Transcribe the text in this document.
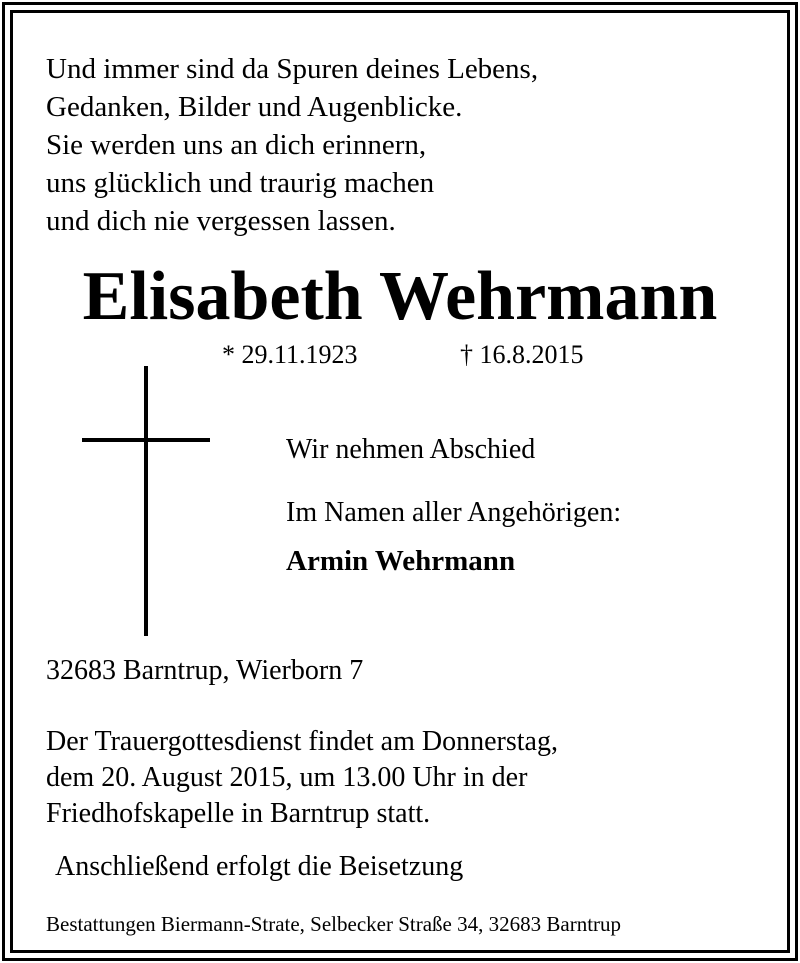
Und immer sind da Spuren deines Lebens,
Gedanken, Bilder und Augenblicke.
Sie werden uns an dich erinnern,
uns glücklich und traurig machen
und dich nie vergessen lassen.
Elisabeth Wehrmann
* 29.11.1923	† 16.8.2015
Wir nehmen Abschied
Im Namen aller Angehörigen:
Armin Wehrmann
32683 Barntrup, Wierborn 7
Der Trauergottesdienst findet am Donnerstag,
dem 20. August 2015, um 13.00 Uhr in der
Friedhofskapelle in Barntrup statt.
Anschließend erfolgt die Beisetzung
Bestattungen Biermann-Strate, Selbecker Straße 34, 32683 Barntrup
